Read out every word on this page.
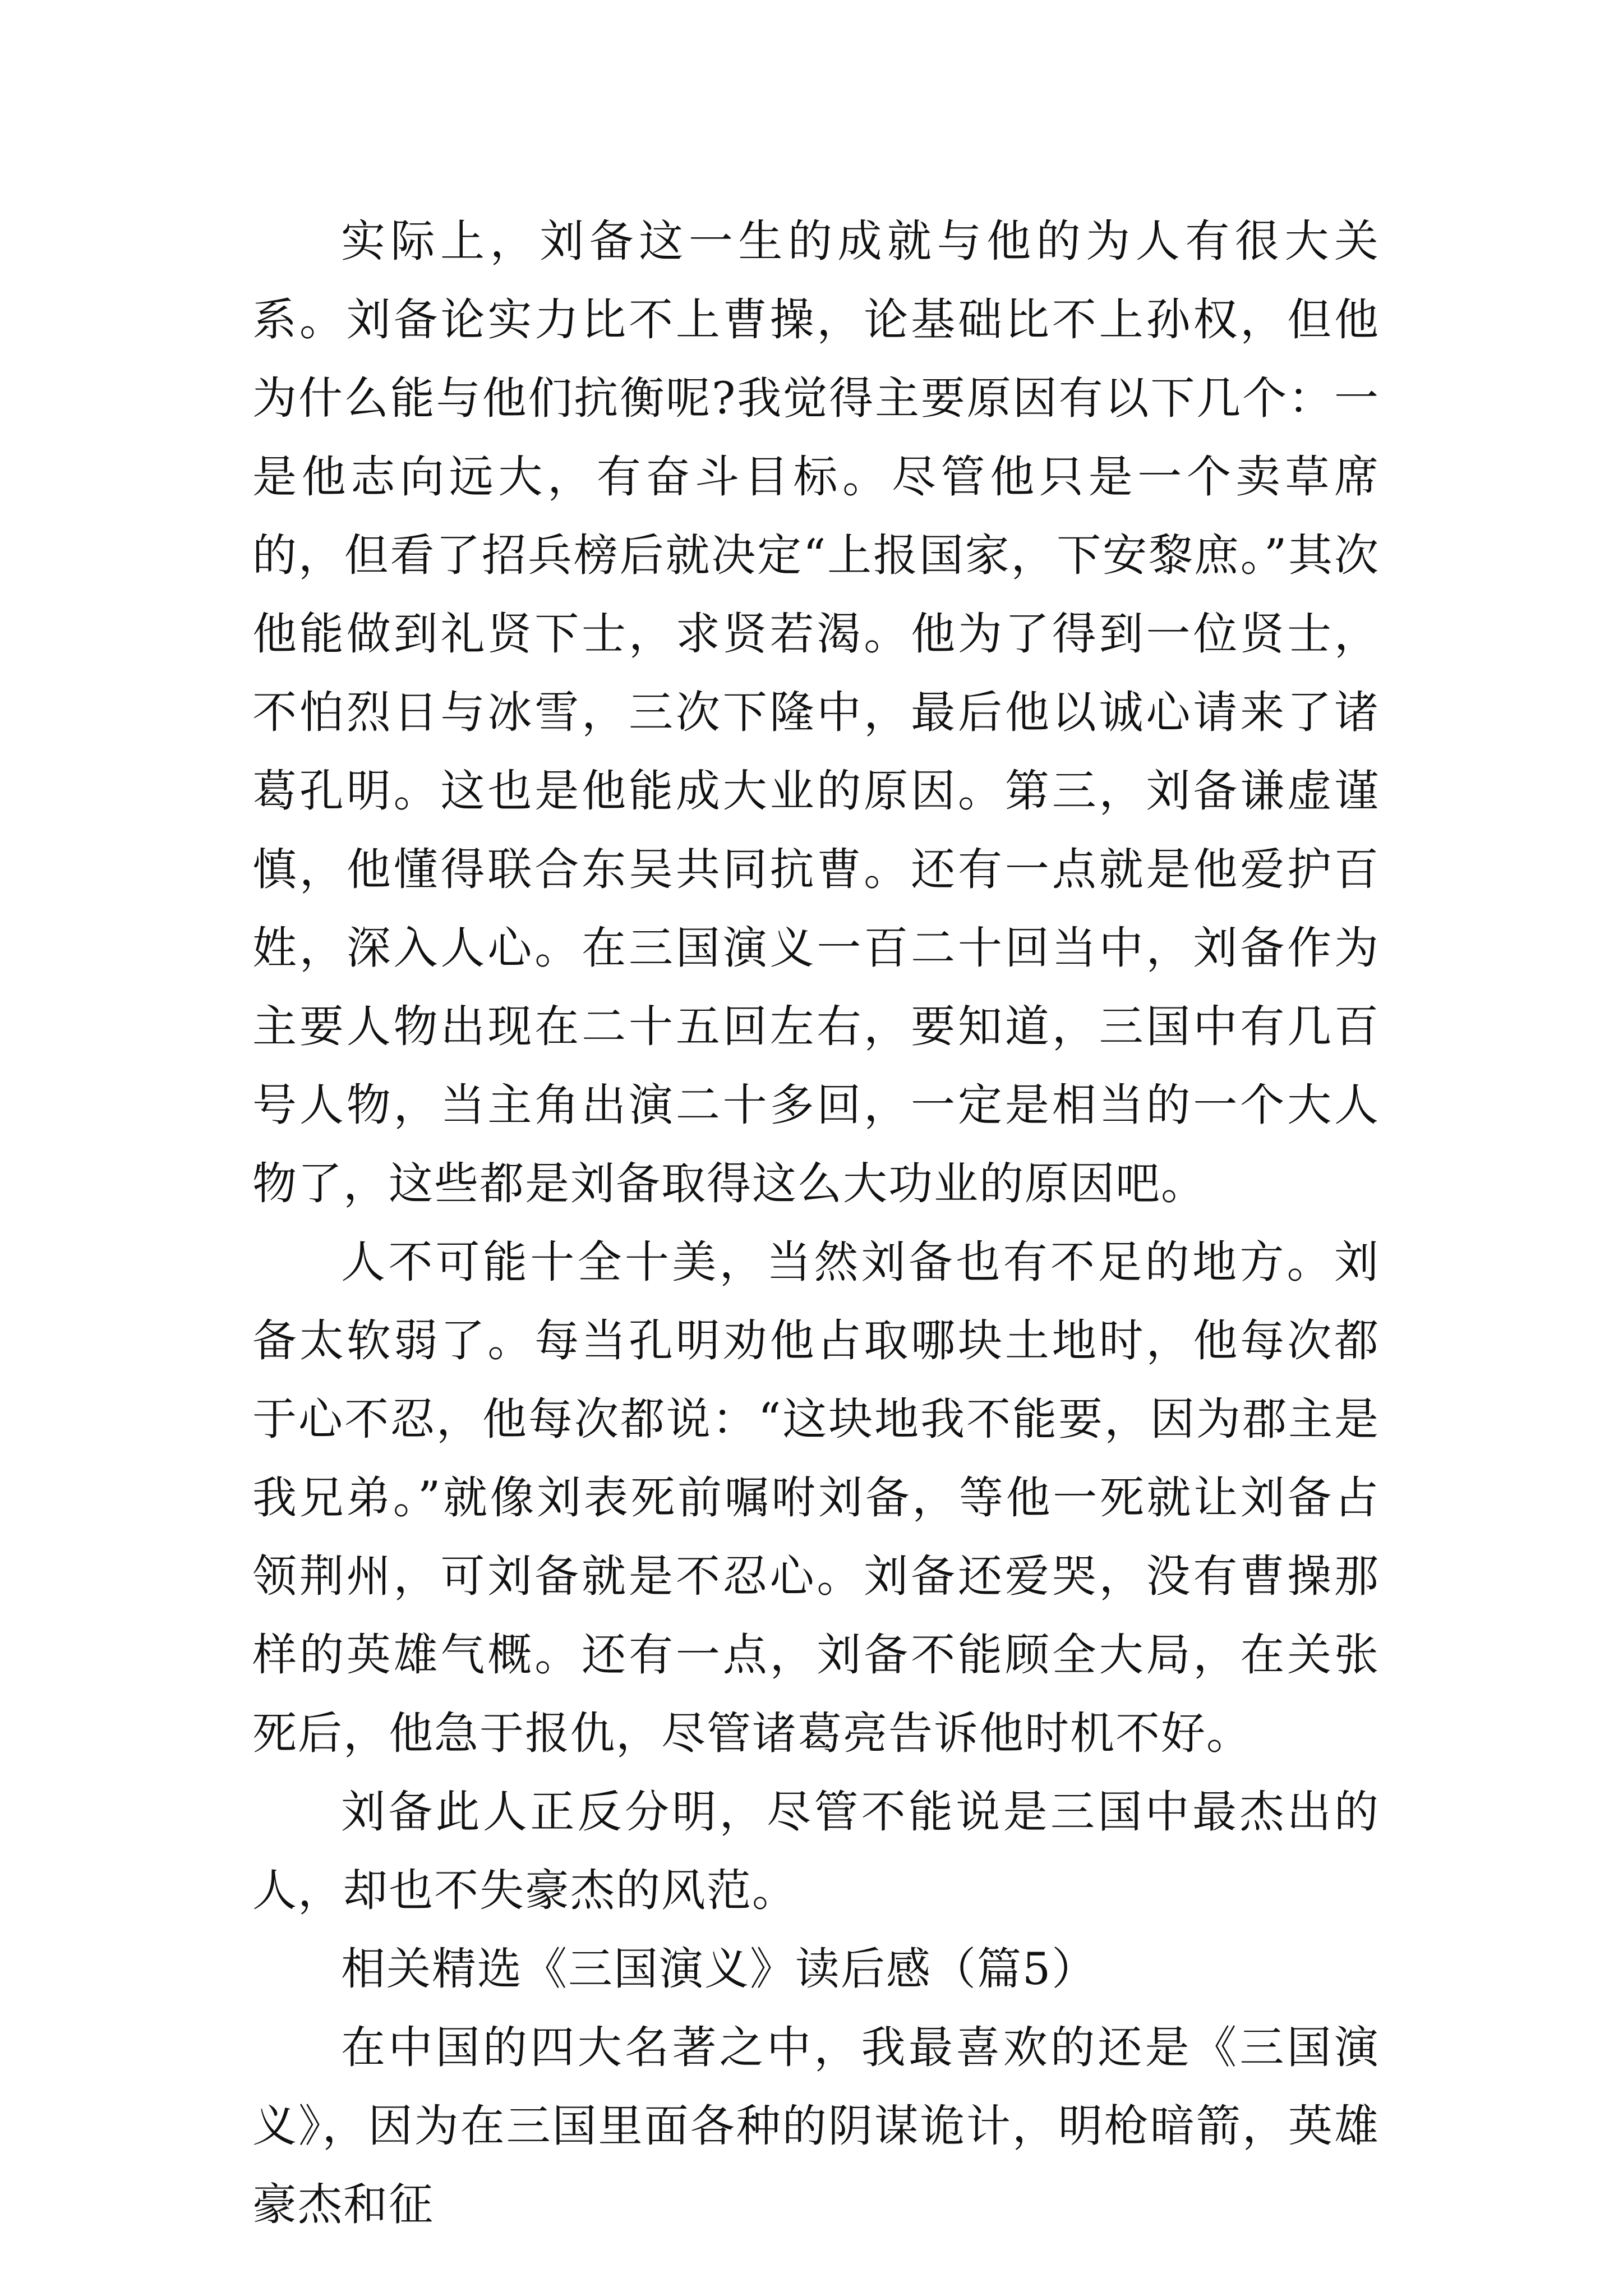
实际上，刘备这一生的成就与他的为人有很大关系。刘备论实力比不上曹操，论基础比不上孙权，但他为什么能与他们抗衡呢?我觉得主要原因有以下几个：一是他志向远大，有奋斗目标。尽管他只是一个卖草席的，但看了招兵榜后就决定“上报国家，下安黎庶。”其次他能做到礼贤下士，求贤若渴。他为了得到一位贤士，不怕烈日与冰雪，三次下隆中，最后他以诚心请来了诸葛孔明。这也是他能成大业的原因。第三，刘备谦虚谨慎，他懂得联合东吴共同抗曹。还有一点就是他爱护百姓，深入人心。在三国演义一百二十回当中，刘备作为主要人物出现在二十五回左右，要知道，三国中有几百号人物，当主角出演二十多回，一定是相当的一个大人物了，这些都是刘备取得这么大功业的原因吧。

人不可能十全十美，当然刘备也有不足的地方。刘备太软弱了。每当孔明劝他占取哪块土地时，他每次都于心不忍，他每次都说：“这块地我不能要，因为郡主是我兄弟。”就像刘表死前嘱咐刘备，等他一死就让刘备占领荆州，可刘备就是不忍心。刘备还爱哭，没有曹操那样的英雄气概。还有一点，刘备不能顾全大局，在关张死后，他急于报仇，尽管诸葛亮告诉他时机不好。

刘备此人正反分明，尽管不能说是三国中最杰出的人，却也不失豪杰的风范。

相关精选《三国演义》读后感（篇5）

在中国的四大名著之中，我最喜欢的还是《三国演义》，因为在三国里面各种的阴谋诡计，明枪暗箭，英雄豪杰和征
